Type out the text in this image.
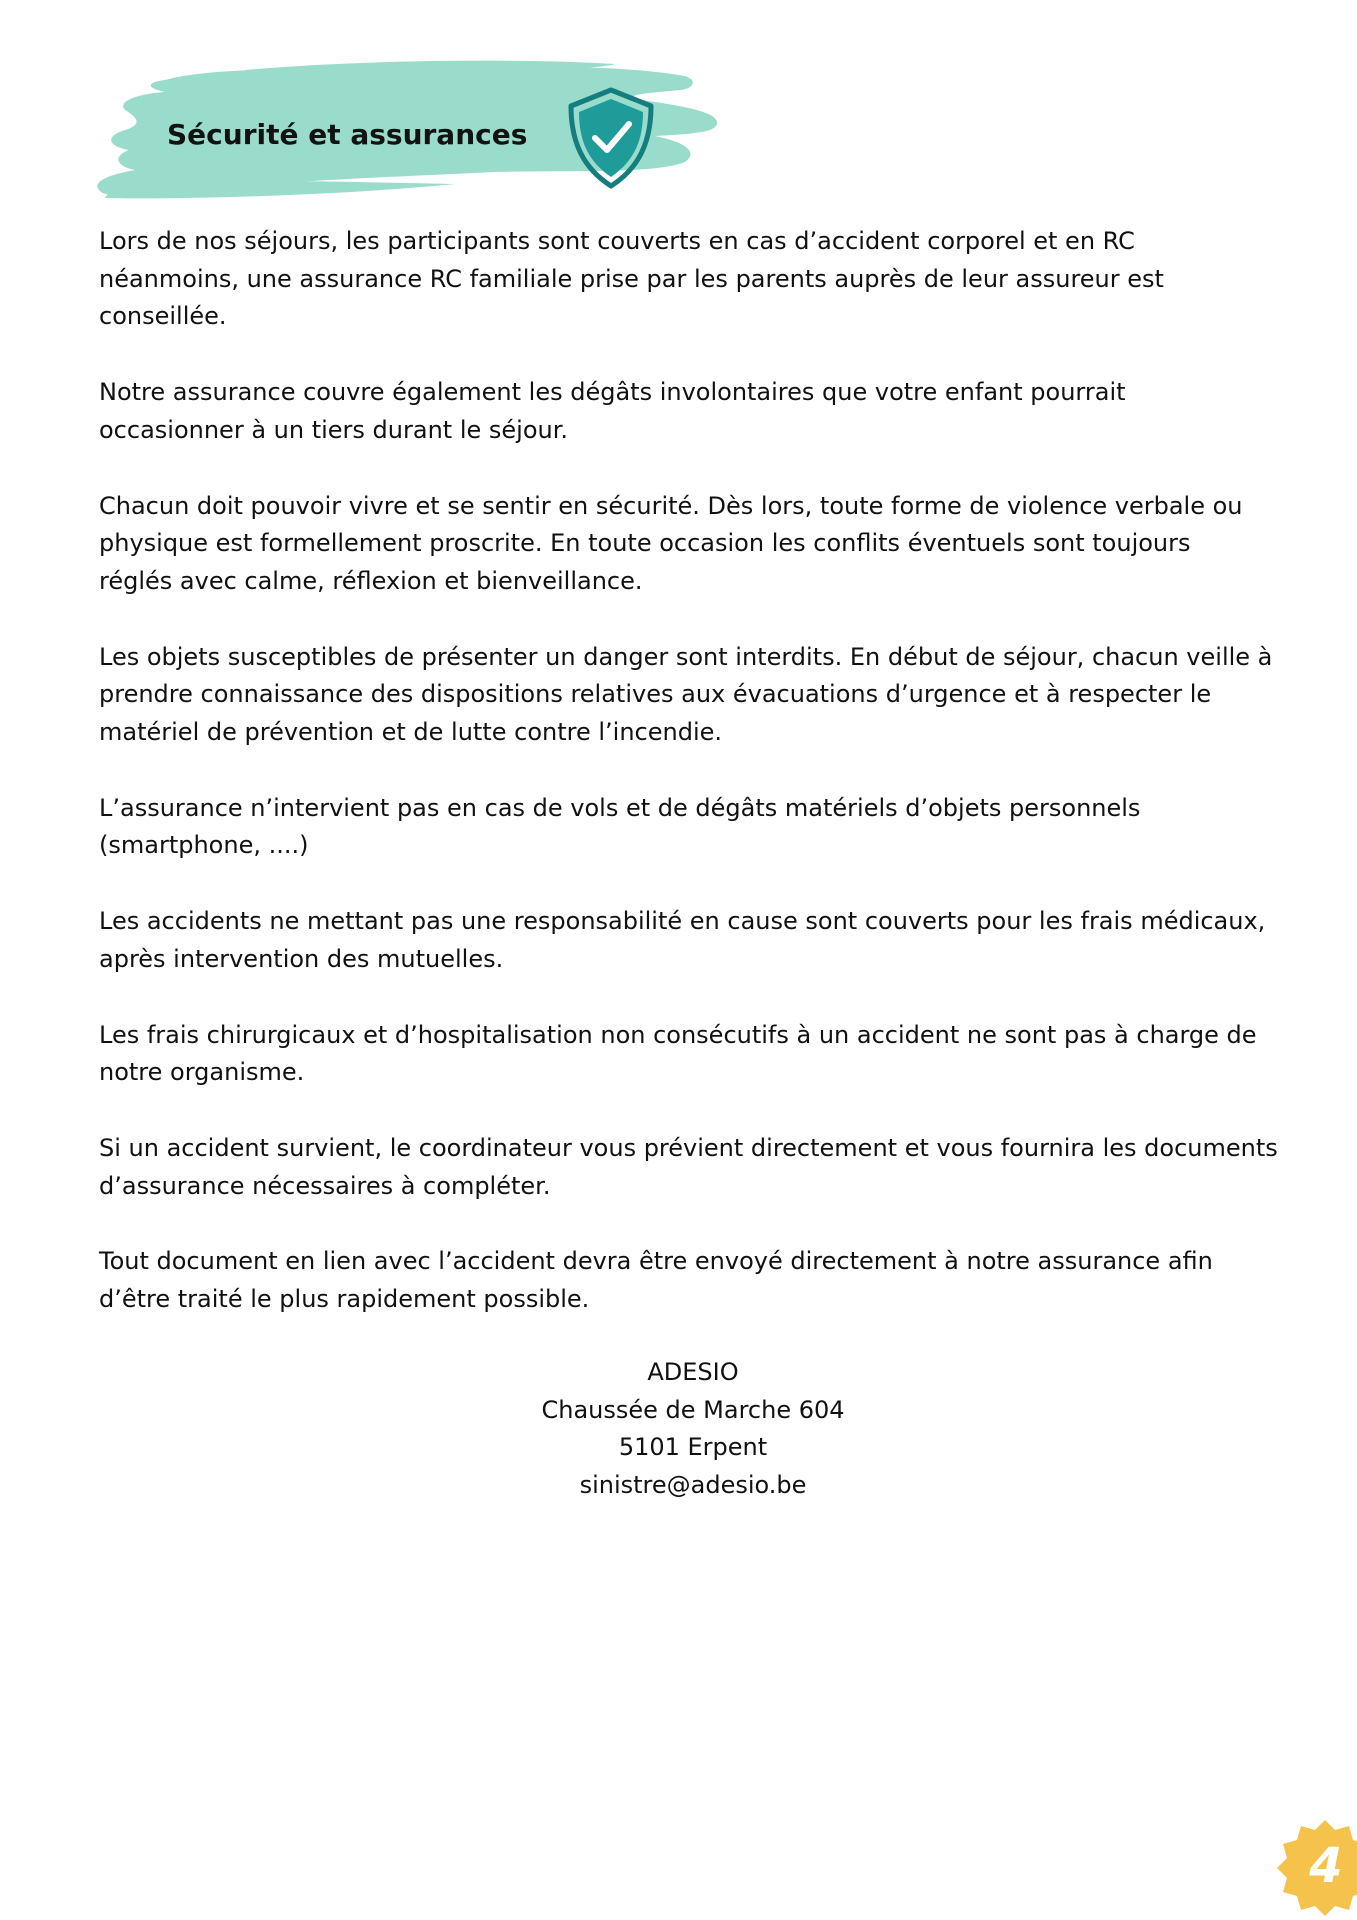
Sécurité et assurances

Lors de nos séjours, les participants sont couverts en cas d’accident corporel et en RC
néanmoins, une assurance RC familiale prise par les parents auprès de leur assureur est
conseillée.

Notre assurance couvre également les dégâts involontaires que votre enfant pourrait
occasionner à un tiers durant le séjour.

Chacun doit pouvoir vivre et se sentir en sécurité. Dès lors, toute forme de violence verbale ou
physique est formellement proscrite. En toute occasion les conflits éventuels sont toujours
réglés avec calme, réflexion et bienveillance.

Les objets susceptibles de présenter un danger sont interdits. En début de séjour, chacun veille à
prendre connaissance des dispositions relatives aux évacuations d’urgence et à respecter le
matériel de prévention et de lutte contre l’incendie.

L’assurance n’intervient pas en cas de vols et de dégâts matériels d’objets personnels
(smartphone, ....)

Les accidents ne mettant pas une responsabilité en cause sont couverts pour les frais médicaux,
après intervention des mutuelles.

Les frais chirurgicaux et d’hospitalisation non consécutifs à un accident ne sont pas à charge de
notre organisme.

Si un accident survient, le coordinateur vous prévient directement et vous fournira les documents
d’assurance nécessaires à compléter.

Tout document en lien avec l’accident devra être envoyé directement à notre assurance afin
d’être traité le plus rapidement possible.

ADESIO
Chaussée de Marche 604
5101 Erpent
sinistre@adesio.be
4
